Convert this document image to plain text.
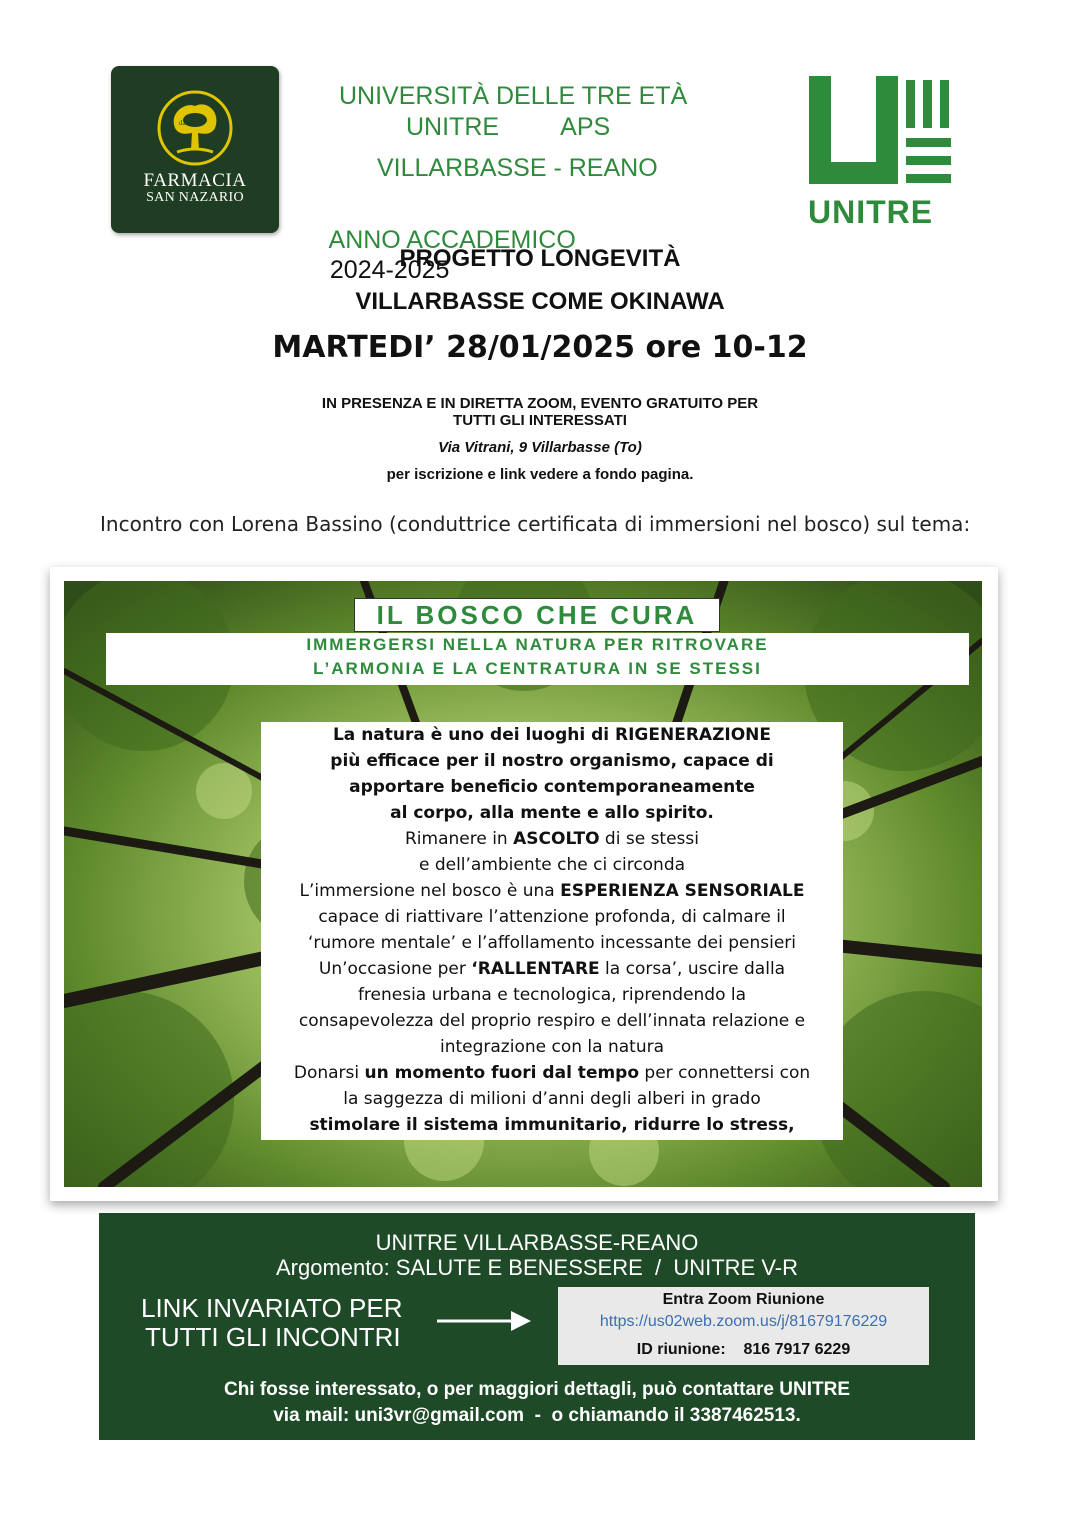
dal 1696
FARMACIA
SAN NAZARIO
UNIVERSITÀ DELLE TRE ETÀ
UNITRE         APS
VILLARBASSE - REANO

ANNO ACCADEMICO
2024-2025

UNITRE
PROGETTO LONGEVITÀ
VILLARBASSE COME OKINAWA
MARTEDI’ 28/01/2025 ore 10-12
IN PRESENZA E IN DIRETTA ZOOM, EVENTO GRATUITO PER
TUTTI GLI INTERESSATI
Via Vitrani, 9 Villarbasse (To)
per iscrizione e link vedere a fondo pagina.
Incontro con Lorena Bassino (conduttrice certificata di immersioni nel bosco) sul tema:
IL BOSCO CHE CURA
IMMERGERSI NELLA NATURA PER RITROVARE
L’ARMONIA E LA CENTRATURA IN SE STESSI

La natura è uno dei luoghi di RIGENERAZIONE

più efficace per il nostro organismo, capace di

apportare beneficio contemporaneamente

al corpo, alla mente e allo spirito.

Rimanere in ASCOLTO di se stessi

e dell’ambiente che ci circonda

L’immersione nel bosco è una ESPERIENZA SENSORIALE

capace di riattivare l’attenzione profonda, di calmare il

‘rumore mentale’ e l’affollamento incessante dei pensieri

Un’occasione per ‘RALLENTARE la corsa’, uscire dalla

frenesia urbana e tecnologica, riprendendo la

consapevolezza del proprio respiro e dell’innata relazione e

integrazione con la natura

Donarsi un momento fuori dal tempo per connettersi con

la saggezza di milioni d’anni degli alberi in grado

stimolare il sistema immunitario, ridurre lo stress,

UNITRE VILLARBASSE-REANO
Argomento: SALUTE E BENESSERE  /  UNITRE V-R
LINK INVARIATO PER
TUTTI GLI INCONTRI
Entra Zoom Riunione
https://us02web.zoom.us/j/81679176229
ID riunione: 816 7917 6229
Chi fosse interessato, o per maggiori dettagli, può contattare UNITRE
via mail: uni3vr@gmail.com  -  o chiamando il 3387462513.
